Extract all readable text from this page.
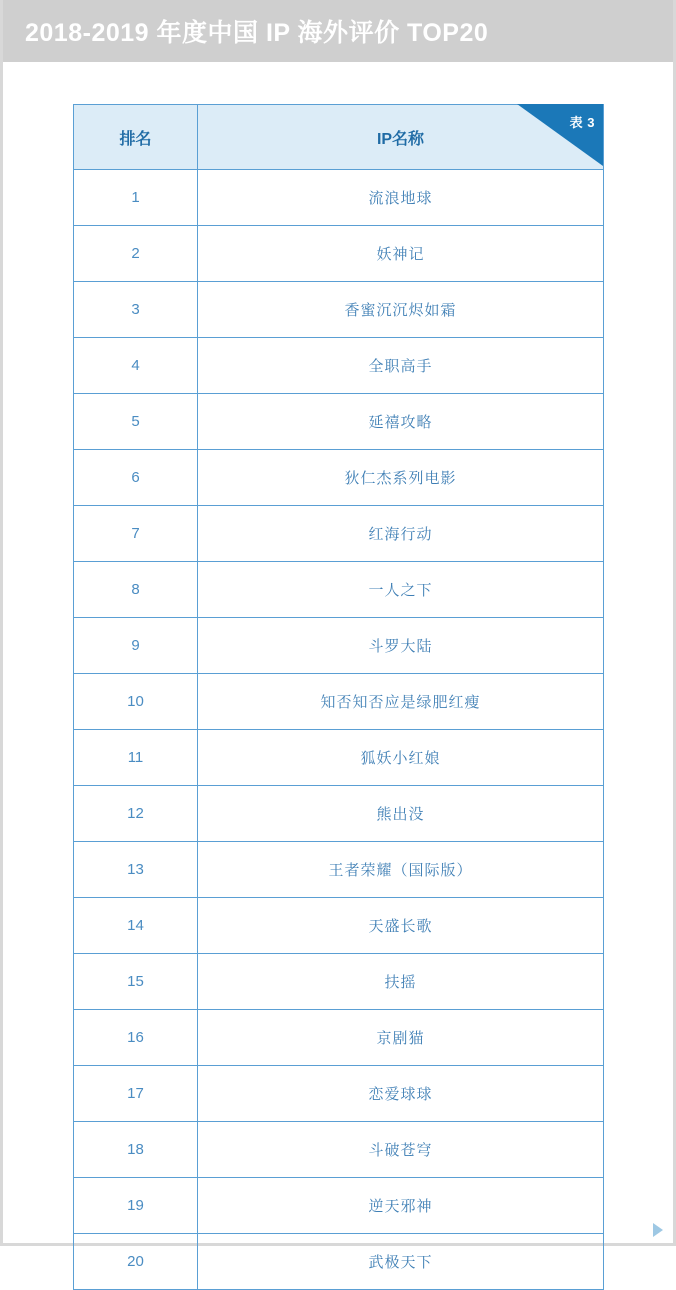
2018-2019 年度中国 IP 海外评价 TOP20
排名	IP名称
1	流浪地球
2	妖神记
3	香蜜沉沉烬如霜
4	全职高手
5	延禧攻略
6	狄仁杰系列电影
7	红海行动
8	一人之下
9	斗罗大陆
10	知否知否应是绿肥红瘦
11	狐妖小红娘
12	熊出没
13	王者荣耀（国际版）
14	天盛长歌
15	扶摇
16	京剧猫
17	恋爱球球
18	斗破苍穹
19	逆天邪神
20	武极天下
表 3
